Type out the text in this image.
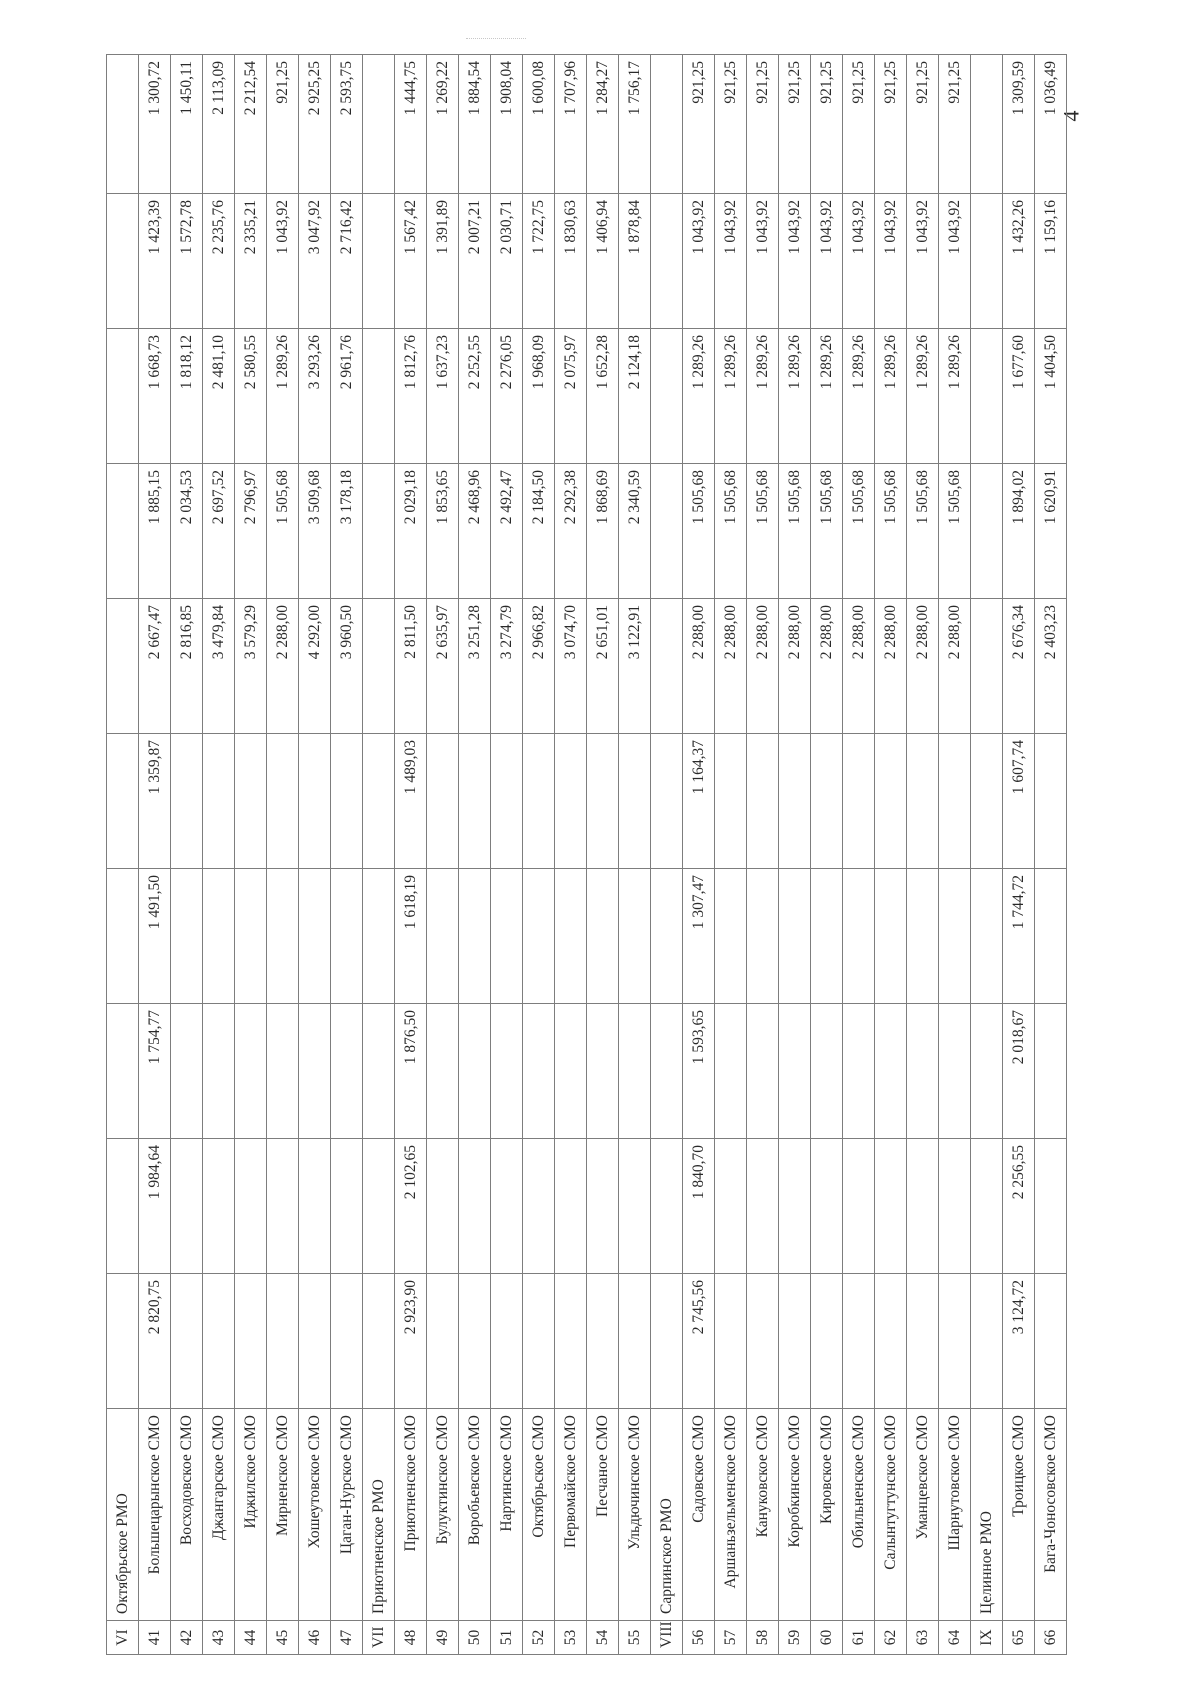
4
VI	Октябрьское РМО										
41	Большецарынское СМО	2 820,75	1 984,64	1 754,77	1 491,50	1 359,87	2 667,47	1 885,15	1 668,73	1 423,39	1 300,72
42	Восходовское СМО						2 816,85	2 034,53	1 818,12	1 572,78	1 450,11
43	Джангарское СМО						3 479,84	2 697,52	2 481,10	2 235,76	2 113,09
44	Иджилское СМО						3 579,29	2 796,97	2 580,55	2 335,21	2 212,54
45	Мирненское СМО						2 288,00	1 505,68	1 289,26	1 043,92	921,25
46	Хошеутовское СМО						4 292,00	3 509,68	3 293,26	3 047,92	2 925,25
47	Цаган-Нурское СМО						3 960,50	3 178,18	2 961,76	2 716,42	2 593,75
VII	Приютненское РМО										
48	Приютненское СМО	2 923,90	2 102,65	1 876,50	1 618,19	1 489,03	2 811,50	2 029,18	1 812,76	1 567,42	1 444,75
49	Булуктинское СМО						2 635,97	1 853,65	1 637,23	1 391,89	1 269,22
50	Воробьевское СМО						3 251,28	2 468,96	2 252,55	2 007,21	1 884,54
51	Нартинское СМО						3 274,79	2 492,47	2 276,05	2 030,71	1 908,04
52	Октябрьское СМО						2 966,82	2 184,50	1 968,09	1 722,75	1 600,08
53	Первомайское СМО						3 074,70	2 292,38	2 075,97	1 830,63	1 707,96
54	Песчаное СМО						2 651,01	1 868,69	1 652,28	1 406,94	1 284,27
55	Ульдючинское СМО						3 122,91	2 340,59	2 124,18	1 878,84	1 756,17
VIII	Сарпинское РМО										
56	Садовское СМО	2 745,56	1 840,70	1 593,65	1 307,47	1 164,37	2 288,00	1 505,68	1 289,26	1 043,92	921,25
57	Аршаньзельменское СМО						2 288,00	1 505,68	1 289,26	1 043,92	921,25
58	Кануковское СМО						2 288,00	1 505,68	1 289,26	1 043,92	921,25
59	Коробкинское СМО						2 288,00	1 505,68	1 289,26	1 043,92	921,25
60	Кировское СМО						2 288,00	1 505,68	1 289,26	1 043,92	921,25
61	Обильненское СМО						2 288,00	1 505,68	1 289,26	1 043,92	921,25
62	Салынтугтунское СМО						2 288,00	1 505,68	1 289,26	1 043,92	921,25
63	Уманцевское СМО						2 288,00	1 505,68	1 289,26	1 043,92	921,25
64	Шарнутовское СМО						2 288,00	1 505,68	1 289,26	1 043,92	921,25
IX	Целинное РМО										
65	Троицкое СМО	3 124,72	2 256,55	2 018,67	1 744,72	1 607,74	2 676,34	1 894,02	1 677,60	1 432,26	1 309,59
66	Бага-Чоносовское СМО						2 403,23	1 620,91	1 404,50	1 159,16	1 036,49
